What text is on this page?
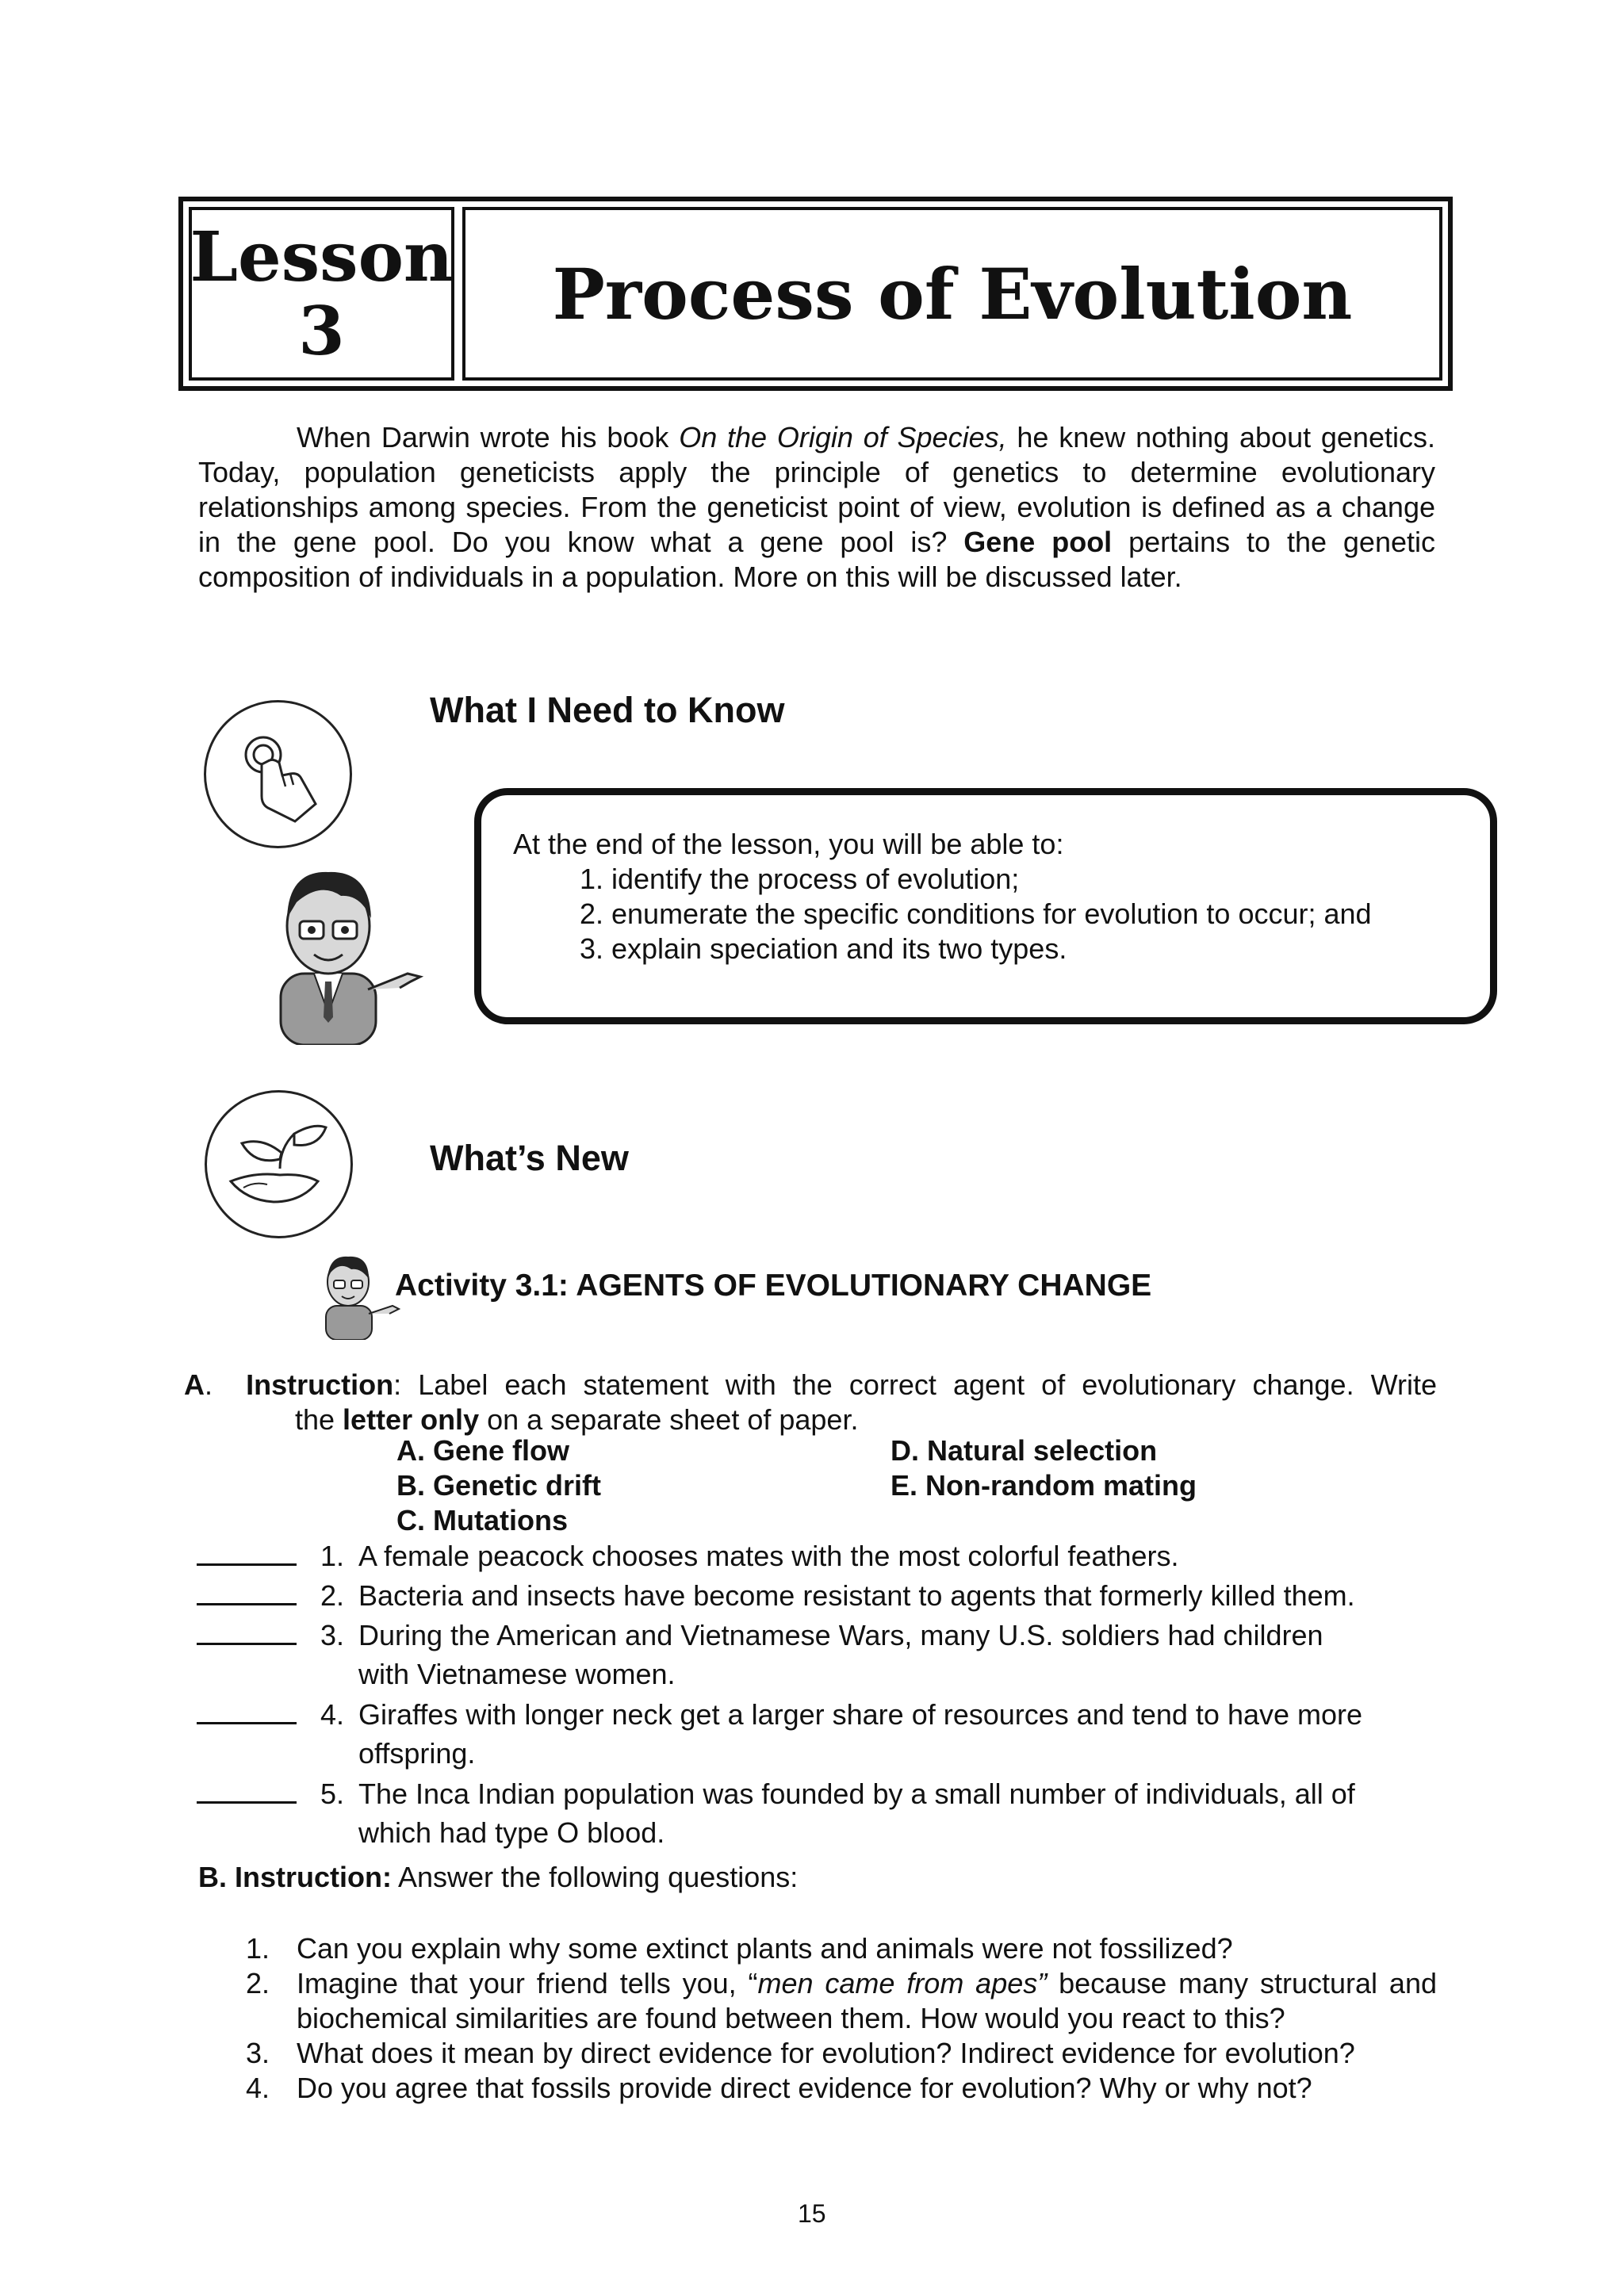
Lesson
3	Process of Evolution
When Darwin wrote his book On the Origin of Species, he knew nothing about genetics. Today, population geneticists apply the principle of genetics to determine evolutionary relationships among species. From the geneticist point of view, evolution is defined as a change in the gene pool. Do you know what a gene pool is? Gene pool pertains to the genetic composition of individuals in a population. More on this will be discussed later.
What I Need to Know
At the end of the lesson, you will be able to:
1. identify the process of evolution;
2. enumerate the specific conditions for evolution to occur; and
3. explain speciation and its two types.
What’s New
Activity 3.1: AGENTS OF EVOLUTIONARY CHANGE
A.  Instruction: Label each statement with the correct agent of evolutionary change. Write
the letter only on a separate sheet of paper.
A. Gene flow
B. Genetic drift
C. Mutations
D. Natural selection
E. Non-random mating
1. A female peacock chooses mates with the most colorful feathers.
2. Bacteria and insects have become resistant to agents that formerly killed them.
3. During the American and Vietnamese Wars, many U.S. soldiers had children
with Vietnamese women.
4. Giraffes with longer neck get a larger share of resources and tend to have more
offspring.
5. The Inca Indian population was founded by a small number of individuals, all of
which had type O blood.
B. Instruction: Answer the following questions:
1. Can you explain why some extinct plants and animals were not fossilized?
2. Imagine that your friend tells you, “men came from apes” because many structural and biochemical similarities are found between them. How would you react to this?
3. What does it mean by direct evidence for evolution? Indirect evidence for evolution?
4. Do you agree that fossils provide direct evidence for evolution? Why or why not?
15
